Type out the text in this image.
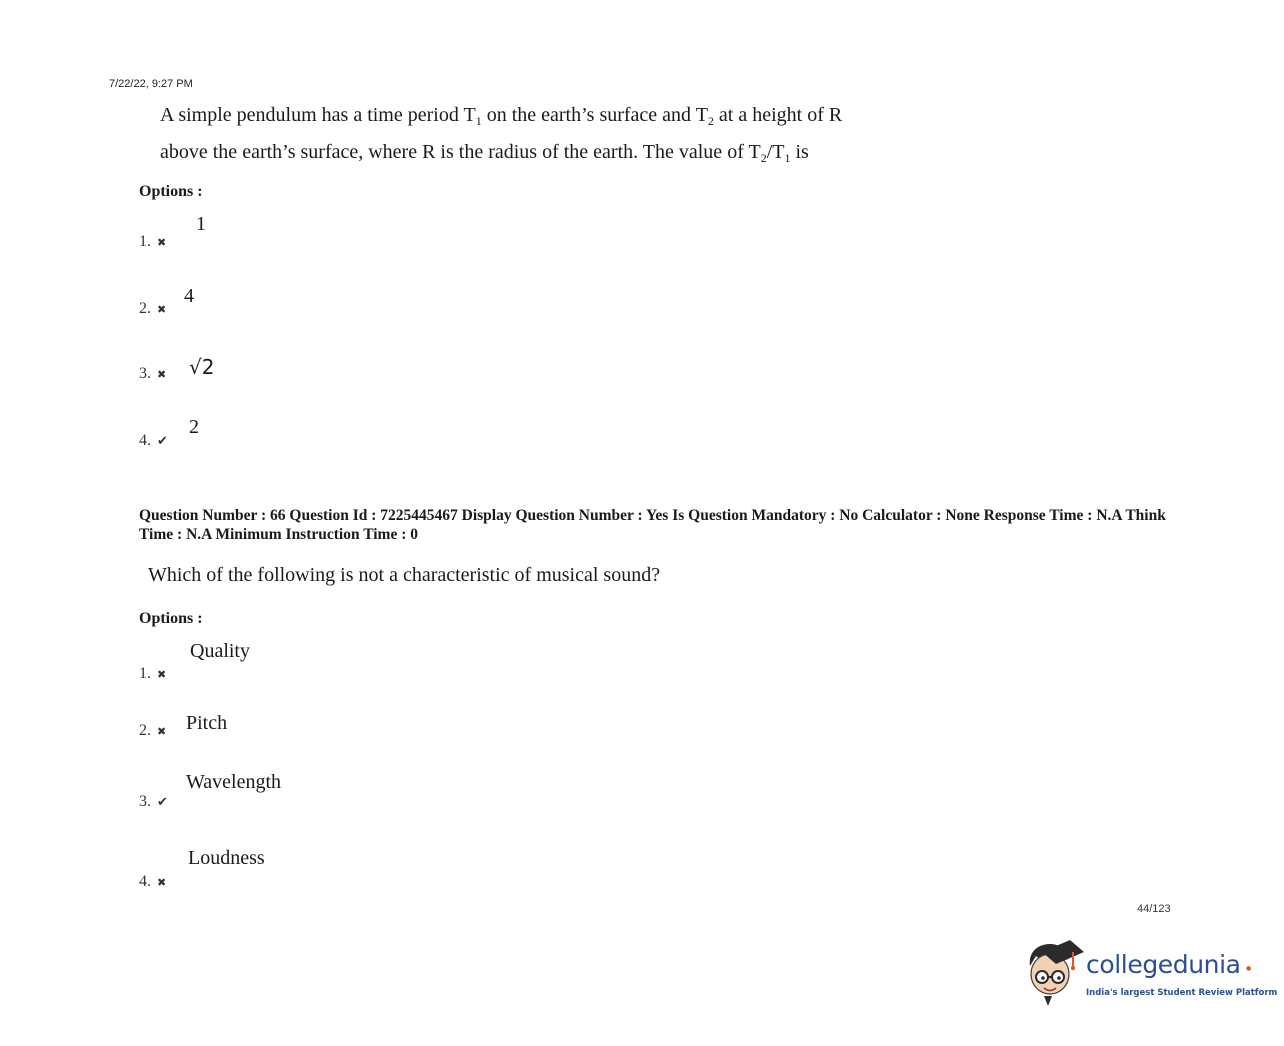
7/22/22, 9:27 PM
A simple pendulum has a time period $T_1$ on the earth’s surface and $T_2$ at a height of R
above the earth’s surface, where R is the radius of the earth. The value of $T_2/T_1$ is
Options :
1. ✖
1
2. ✖
4
3. ✖ √2
4. ✔
2
Question Number : 66 Question Id : 7225445467 Display Question Number : Yes Is Question Mandatory : No Calculator : None Response Time : N.A Think Time : N.A Minimum Instruction Time : 0
Which of the following is not a characteristic of musical sound?
Options :
1. ✖
Quality
2. ✖ Pitch
3. ✔
Wavelength
4. ✖
Loudness
44/123
collegedunia ●
India's largest Student Review Platform
